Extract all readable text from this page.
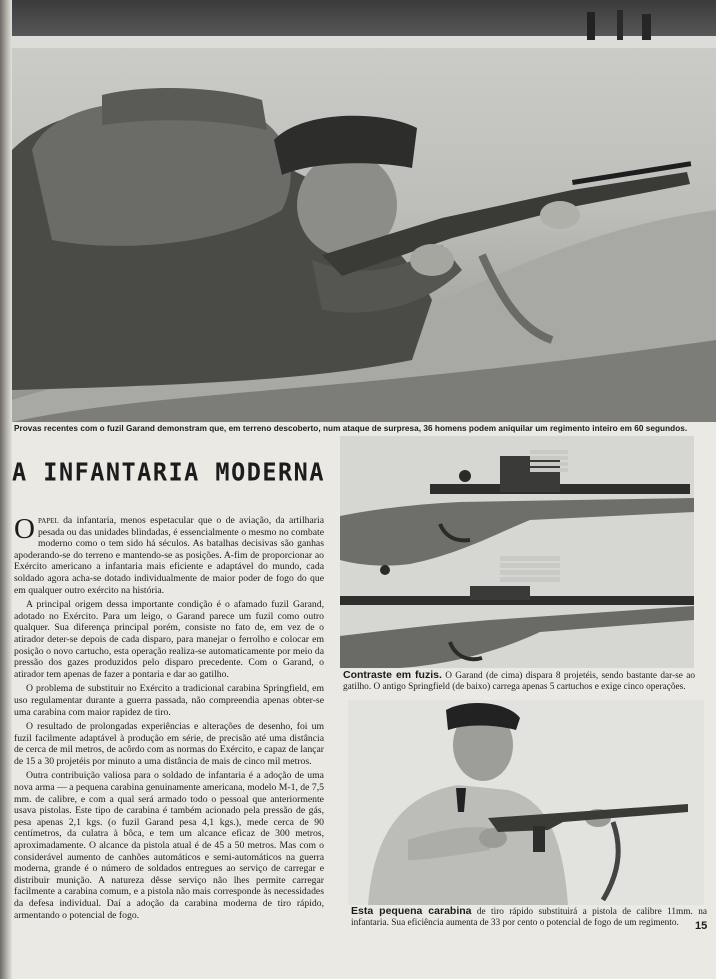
Provas recentes com o fuzil Garand demonstram que, em terreno descoberto, num ataque de surpresa, 36 homens podem aniquilar um regimento inteiro em 60 segundos.
A INFANTARIA MODERNA

Opapel da infantaria, menos espetacular que o de aviação, da artilharia pesada ou das unidades blindadas, é essencialmente o mesmo no combate moderno como o tem sido há séculos. As batalhas decisivas são ganhas apoderando-se do terreno e mantendo-se as posições. A-fim de proporcionar ao Exército americano a infantaria mais eficiente e adaptável do mundo, cada soldado agora acha-se dotado individualmente de maior poder de fogo do que em qualquer outro exército na história.

A principal origem dessa importante condição é o afamado fuzil Garand, adotado no Exército. Para um leigo, o Garand parece um fuzil como outro qualquer. Sua diferença principal porém, consiste no fato de, em vez de o atirador deter-se depois de cada disparo, para manejar o ferrolho e colocar em posição o novo cartucho, esta operação realiza-se automaticamente por meio da pressão dos gazes produzidos pelo disparo precedente. Com o Garand, o atirador tem apenas de fazer a pontaria e dar ao gatilho.

O problema de substituir no Exército a tradicional carabina Springfield, em uso regulamentar durante a guerra passada, não compreendia apenas obter-se uma carabina com maior rapidez de tiro.

O resultado de prolongadas experiências e alterações de desenho, foi um fuzil facilmente adaptável à produção em série, de precisão até uma distância de cerca de mil metros, de acôrdo com as normas do Exército, e capaz de lançar de 15 a 30 projetéis por minuto a uma distância de mais de cinco mil metros.

Outra contribuição valiosa para o soldado de infantaria é a adoção de uma nova arma — a pequena carabina genuinamente americana, modelo M-1, de 7,5 mm. de calibre, e com a qual será armado todo o pessoal que anteriormente usava pistolas. Este tipo de carabina é também acionado pela pressão de gás, pesa apenas 2,1 kgs. (o fuzil Garand pesa 4,1 kgs.), mede cerca de 90 centímetros, da culatra à bôca, e tem um alcance eficaz de 300 metros, aproximadamente. O alcance da pistola atual é de 45 a 50 metros. Mas com o considerável aumento de canhões automáticos e semi-automáticos na guerra moderna, grande é o número de soldados entregues ao serviço de carregar e distribuir munição. A natureza dêsse serviço não lhes permite carregar facilmente a carabina comum, e a pistola não mais corresponde às necessidades da defesa individual. Daí a adoção da carabina moderna de tiro rápido, armentando o potencial de fogo.

Contraste em fuzis. O Garand (de cima) dispara 8 projetéis, sendo bastante dar-se ao gatilho. O antigo Springfield (de baixo) carrega apenas 5 cartuchos e exige cinco operações.
Esta pequena carabina de tiro rápido substituirá a pistola de calibre 11mm. na infantaria. Sua eficiência aumenta de 33 por cento o potencial de fogo de um regimento.	15
